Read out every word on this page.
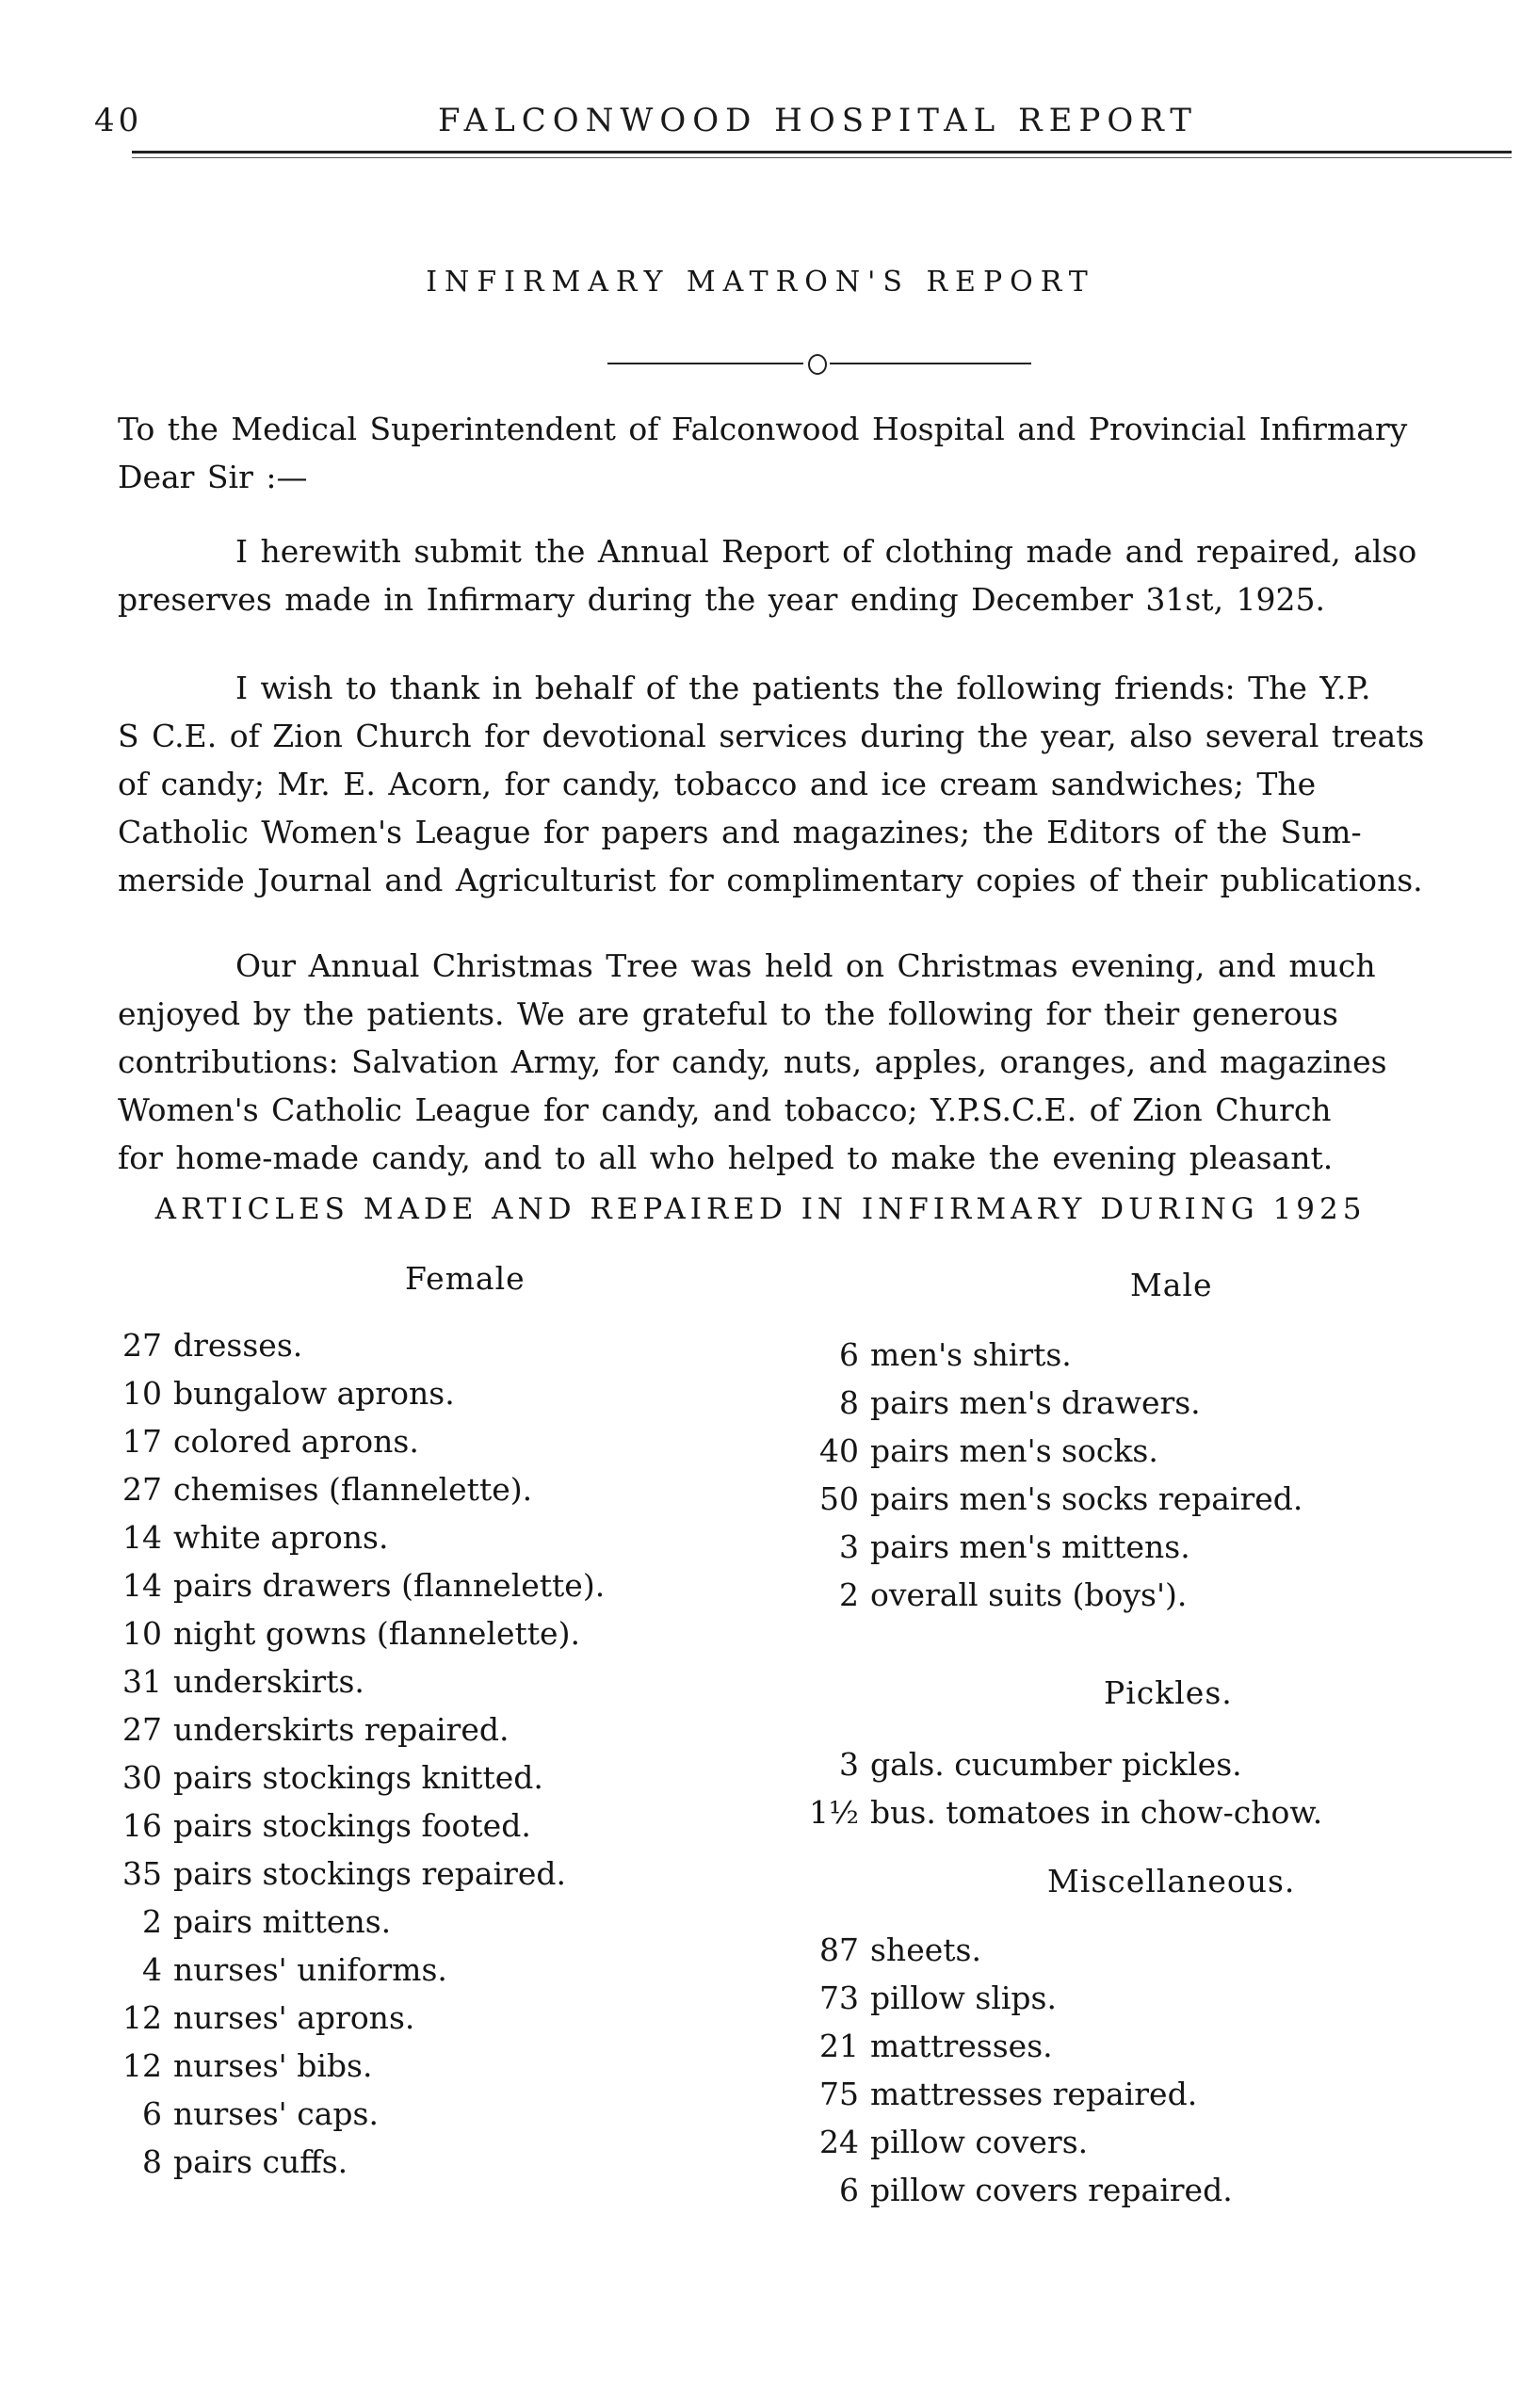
40	FALCONWOOD HOSPITAL REPORT
INFIRMARY MATRON'S REPORT
To the Medical Superintendent of Falconwood Hospital and Provincial Infirmary
Dear Sir :—
I herewith submit the Annual Report of clothing made and repaired, also
preserves made in Infirmary during the year ending December 31st, 1925.
I wish to thank in behalf of the patients the following friends: The Y.P.
S C.E. of Zion Church for devotional services during the year, also several treats
of candy; Mr. E. Acorn, for candy, tobacco and ice cream sandwiches; The
Catholic Women's League for papers and magazines; the Editors of the Sum-
merside Journal and Agriculturist for complimentary copies of their publications.
Our Annual Christmas Tree was held on Christmas evening, and much
enjoyed by the patients. We are grateful to the following for their generous
contributions: Salvation Army, for candy, nuts, apples, oranges, and magazines
Women's Catholic League for candy, and tobacco; Y.P.S.C.E. of Zion Church
for home-made candy, and to all who helped to make the evening pleasant.
ARTICLES MADE AND REPAIRED IN INFIRMARY DURING 1925
Female	Male
Pickles.
Miscellaneous.
27 dresses.
10 bungalow aprons.
17 colored aprons.
27 chemises (flannelette).
14 white aprons.
14 pairs drawers (flannelette).
10 night gowns (flannelette).
31 underskirts.
27 underskirts repaired.
30 pairs stockings knitted.
16 pairs stockings footed.
35 pairs stockings repaired.
2 pairs mittens.
4 nurses' uniforms.
12 nurses' aprons.
12 nurses' bibs.
6 nurses' caps.
8 pairs cuffs.
6 men's shirts.
8 pairs men's drawers.
40 pairs men's socks.
50 pairs men's socks repaired.
3 pairs men's mittens.
2 overall suits (boys').
3 gals. cucumber pickles.
1½ bus. tomatoes in chow-chow.
87 sheets.
73 pillow slips.
21 mattresses.
75 mattresses repaired.
24 pillow covers.
6 pillow covers repaired.
